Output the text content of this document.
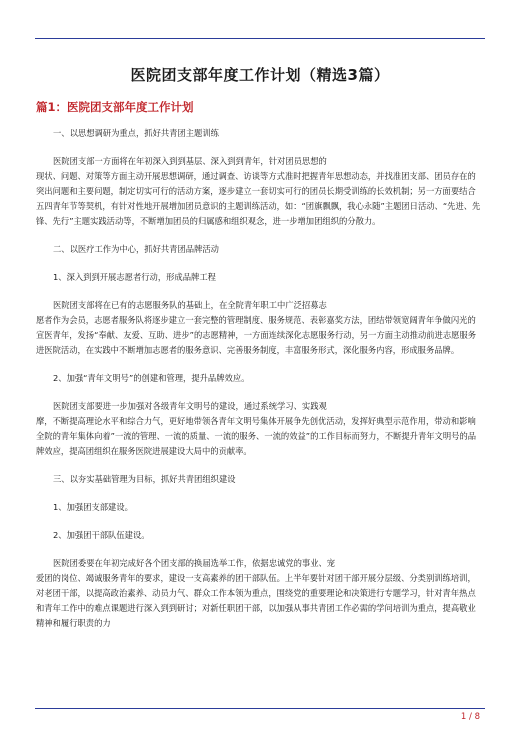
医院团支部年度工作计划（精选3篇）
篇1：医院团支部年度工作计划

一、以思想调研为重点，抓好共青团主题训练

医院团支部一方面将在年初深入到到基层、深入到到青年，针对团员思想的

现状、问题、对策等方面主动开展思想调研，通过调查、访谈等方式准时把握青年思想动态，并找准团支部、团员存在的突出问题和主要问题，制定切实可行的活动方案，逐步建立一套切实可行的团员长期受训练的长效机制；另一方面要结合五四青年节等契机，有针对性地开展增加团员意识的主题训练活动，如：“团旗飘飘，我心永随”主题团日活动、“先进、先锋、先行”主题实践活动等，不断增加团员的归属感和组织观念，进一步增加团组织的分散力。

二、以医疗工作为中心，抓好共青团品牌活动

1、深入到到开展志愿者行动，形成品牌工程

医院团支部将在已有的志愿服务队的基础上，在全院青年职工中广泛招募志

愿者作为会员，志愿者服务队将逐步建立一套完整的管理制度、服务规范、表彰嘉奖方法，团结带领宽阔青年争做闪光的宣医青年，发扬“奉献、友爱、互助、进步”的志愿精神，一方面连续深化志愿服务行动，另一方面主动推动前进志愿服务进医院活动，在实践中不断增加志愿者的服务意识、完善服务制度，丰富服务形式，深化服务内容，形成服务品牌。

2、加强“青年文明号”的创建和管理，提升品牌效应。

医院团支部要进一步加强对各级青年文明号的建设，通过系统学习、实践观

摩，不断提高理论水平和综合力气，更好地带领各青年文明号集体开展争先创优活动，发挥好典型示范作用，带动和影响全院的青年集体向着”一流的管理、一流的质量、一流的服务、一流的效益”的工作目标而努力，不断提升青年文明号的品牌效应，提高团组织在服务医院进展建设大局中的贡献率。

三、以夯实基础管理为目标，抓好共青团组织建设

1、加强团支部建设。

2、加强团干部队伍建设。

医院团委要在年初完成好各个团支部的换届选举工作，依据忠诚党的事业、宠

爱团的岗位、竭诚服务青年的要求，建设一支高素养的团干部队伍。上半年要针对团干部开展分层级、分类别训练培训，对老团干部，以提高政治素养、动员力气、群众工作本领为重点，围绕党的重要理论和决策进行专题学习，针对青年热点和青年工作中的难点课题进行深入到到研讨；对新任职团干部，以加强从事共青团工作必需的学问培训为重点，提高敬业精神和履行职责的力

1 / 8
